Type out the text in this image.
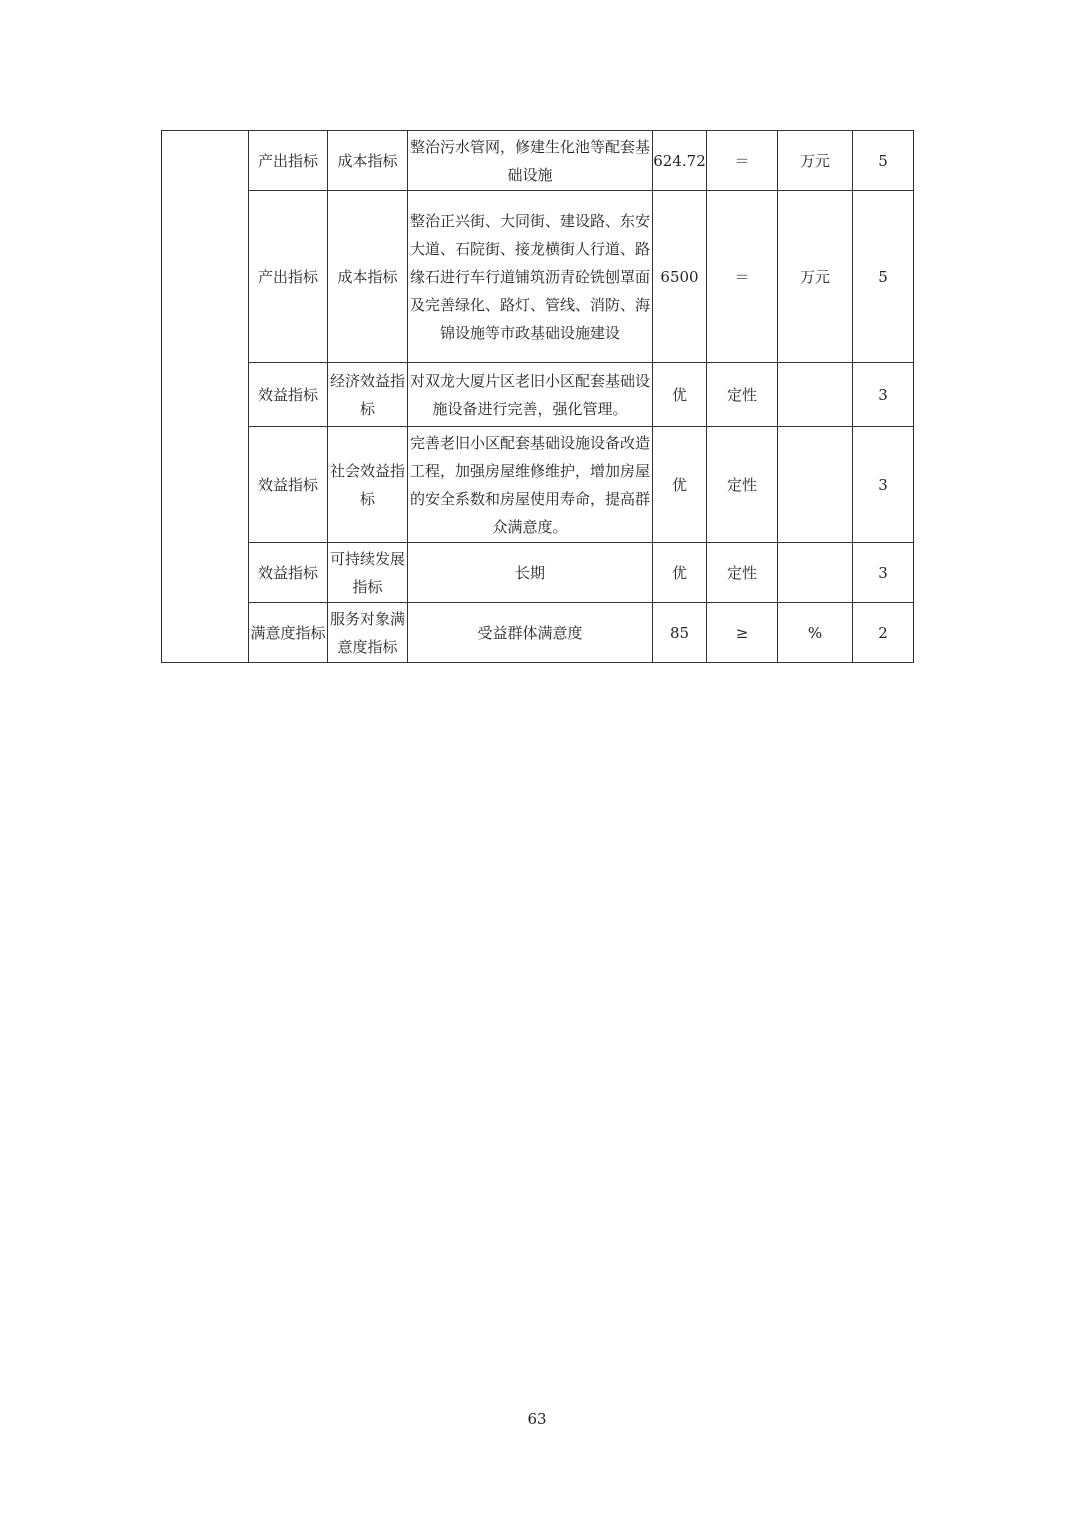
	产出指标	成本指标	整治污水管网，修建生化池等配套基础设施	624.72	＝	万元	5
	产出指标	成本指标	整治正兴街、大同街、建设路、东安大道、石院街、接龙横街人行道、路缘石进行车行道铺筑沥青砼铣刨罩面及完善绿化、路灯、管线、消防、海锦设施等市政基础设施建设	6500	＝	万元	5
	效益指标	经济效益指标	对双龙大厦片区老旧小区配套基础设施设备进行完善，强化管理。	优	定性		3
	效益指标	社会效益指标	完善老旧小区配套基础设施设备改造工程，加强房屋维修维护，增加房屋的安全系数和房屋使用寿命，提高群众满意度。	优	定性		3
	效益指标	可持续发展指标	长期	优	定性		3
	满意度指标	服务对象满意度指标	受益群体满意度	85	≥	%	2
63
